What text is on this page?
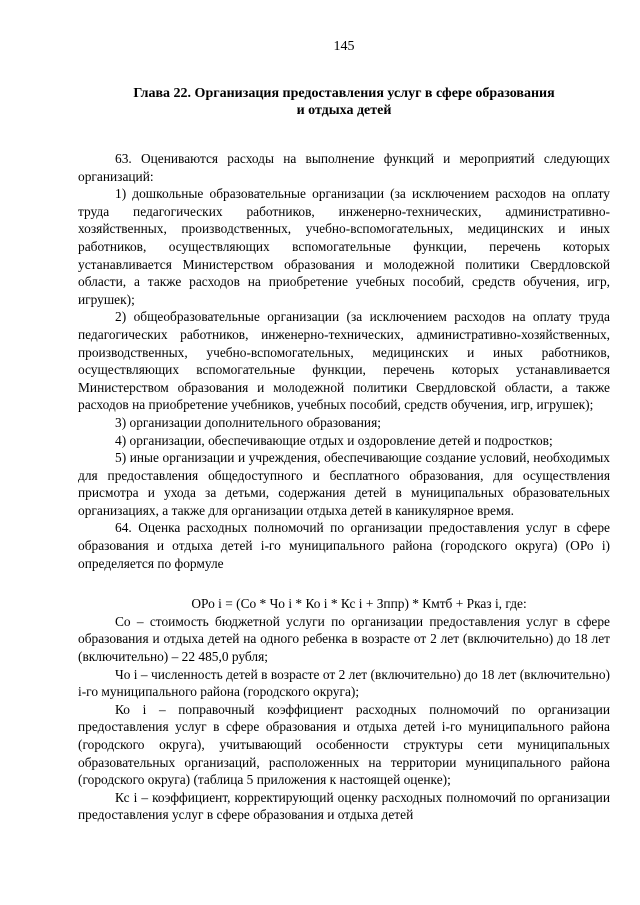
145
Глава 22. Организация предоставления услуг в сфере образования
и отдыха детей

63. Оцениваются расходы на выполнение функций и мероприятий следующих организаций:

1) дошкольные образовательные организации (за исключением расходов на оплату труда педагогических работников, инженерно-технических, административно-хозяйственных, производственных, учебно-вспомогательных, медицинских и иных работников, осуществляющих вспомогательные функции, перечень которых устанавливается Министерством образования и молодежной политики Свердловской области, а также расходов на приобретение учебных пособий, средств обучения, игр, игрушек);

2) общеобразовательные организации (за исключением расходов на оплату труда педагогических работников, инженерно-технических, административно-хозяйственных, производственных, учебно-вспомогательных, медицинских и иных работников, осуществляющих вспомогательные функции, перечень которых устанавливается Министерством образования и молодежной политики Свердловской области, а также расходов на приобретение учебников, учебных пособий, средств обучения, игр, игрушек);

3) организации дополнительного образования;

4) организации, обеспечивающие отдых и оздоровление детей и подростков;

5) иные организации и учреждения, обеспечивающие создание условий, необходимых для предоставления общедоступного и бесплатного образования, для осуществления присмотра и ухода за детьми, содержания детей в муниципальных образовательных организациях, а также для организации отдыха детей в каникулярное время.

64. Оценка расходных полномочий по организации предоставления услуг в сфере образования и отдыха детей i-го муниципального района (городского округа) (ОРо i) определяется по формуле

ОРо i = (Со * Чо i * Ко i * Кс i + Зппр) * Кмтб + Рказ i, где:

Со – стоимость бюджетной услуги по организации предоставления услуг в сфере образования и отдыха детей на одного ребенка в возрасте от 2 лет (включительно) до 18 лет (включительно) – 22 485,0 рубля;

Чо i – численность детей в возрасте от 2 лет (включительно) до 18 лет (включительно) i-го муниципального района (городского округа);

Ко i – поправочный коэффициент расходных полномочий по организации предоставления услуг в сфере образования и отдыха детей i-го муниципального района (городского округа), учитывающий особенности структуры сети муниципальных образовательных организаций, расположенных на территории муниципального района (городского округа) (таблица 5 приложения к настоящей оценке);

Кс i – коэффициент, корректирующий оценку расходных полномочий по организации предоставления услуг в сфере образования и отдыха детей
